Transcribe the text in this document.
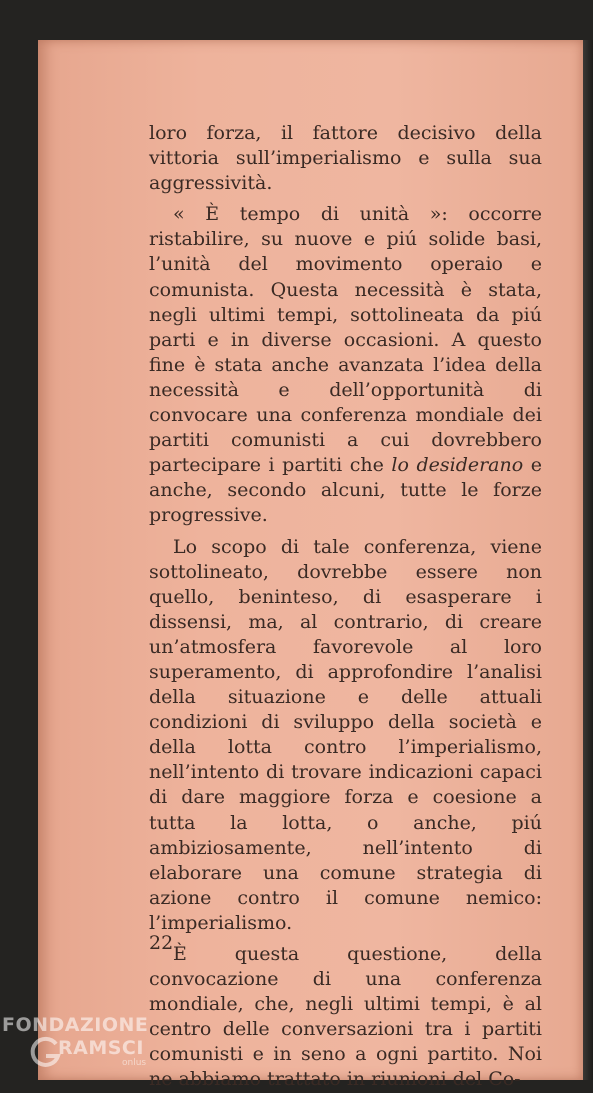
loro forza, il fattore decisivo della vittoria sull’imperialismo e sulla sua aggressività.

« È tempo di unità »: occorre ristabilire, su nuove e piú solide basi, l’unità del movimento operaio e comunista. Questa necessità è stata, negli ultimi tempi, sottolineata da piú parti e in diverse occasioni. A questo fine è stata anche avanzata l’idea della necessità e dell’opportunità di convocare una conferenza mondiale dei partiti comunisti a cui dovrebbero partecipare i partiti che lo desiderano e anche, secondo alcuni, tutte le forze progressive.

Lo scopo di tale conferenza, viene sottolineato, dovrebbe essere non quello, beninteso, di esasperare i dissensi, ma, al contrario, di creare un’atmosfera favorevole al loro superamento, di approfondire l’analisi della situazione e delle attuali condizioni di sviluppo della società e della lotta contro l’imperialismo, nell’intento di trovare indicazioni capaci di dare maggiore forza e coesione a tutta la lotta, o anche, piú ambiziosamente, nell’intento di elaborare una comune strategia di azione contro il comune nemico: l’imperialismo.

È questa questione, della convocazione di una conferenza mondiale, che, negli ultimi tempi, è al centro delle conversazioni tra i partiti comunisti e in seno a ogni partito. Noi ne abbiamo trattato in riunioni del Co-

22
FONDAZIONE
RAMSCI
onlus
